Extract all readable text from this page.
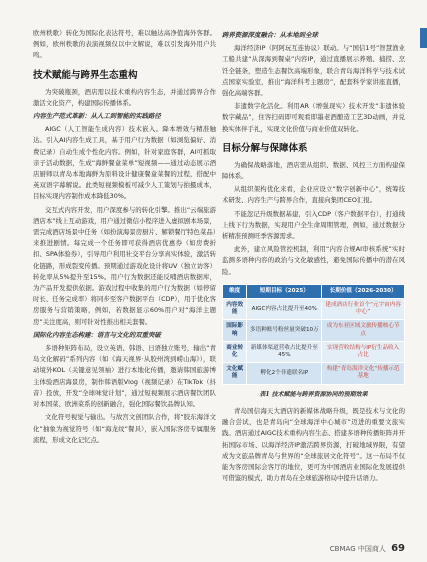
欧州秩歌）转化为国际化表达符号，难以触达高净值海外客群。例如，欧州秩歌的表演视频仅以中文解说，难以引发海外用户共鸣。

技术赋能与跨界生态重构

为突破瓶颈，酒店需以技术重构内容生态，并通过跨界合作激活文化资产，构建国际传播体系。

内容生产范式革新：从人工到智能的实践路径

AIGC（人工智能生成内容）技术嵌入。降本增效与精准触达。引入AI内容生成工具，基于用户行为数据（如浏览偏好、消费记录）自动生成个性化内容。例如，针对家庭客群，AI可抓取亲子活动数据，生成“海鲜餐盒菜单”短视频——通过动态展示酒店厨师以青岛本地海鲜为原料设计健康餐盒菜餐的过程，搭配中英双语字幕解说。此类短视频模板可减少人工策划与拍摄成本，目标实现内容制作成本降低30%。

交互式内容开发，用户深度参与的转化引擎。推出“云端旅游酒店本”线上互动游戏，用户通过微信小程序进入虚拟剧本场景，需完成酒店场景中任务（如扮演海景房厨片、解锁餐厅特色菜品）来推进剧情。每完成一个任务即可获得酒店优惠券（如房费折扣、SPA体验券），引导用户利用社交平台分享真实体验，激活转化链路，形成裂变传播。预期通过游戏化设计将UV（独立访客）转化率从5%提升至15%。用户行为数据还能反哺酒店数据库，为产品开发提供依据。游戏过程中收集的用户行为数据（如停留时长、任务完成率）将同步至客户数据平台（CDP），用于优化客房服务与营销策略，例如，若数据显示60%用户对“海洋主题房”关注度高，则可针对性推出相关套餐。

国际化内容生态构建：语言与文化的双重突破

多语种矩阵布局，设立英语、韩语、日语独立账号，输出“青岛文化解码”系列内容（如《海天视界·从胶州湾到崂山海》），联动境外KOL（关键意见领袖）进行本地化传播，邀请韩国旅游博主体验酒店海景房，制作韩语版Vlog（视频记录）在TikTok（抖音）投放，开发“全球味觉计划”，通过短视频展示酒店餐饮团队对本国菜、欧洲菜系的创新融合，强化国际餐饮品牌认知。

文化符号视觉与输出。与故宫文创团队合作，将“胶东海洋文化”抽象为视觉符号（如“海龙纹”餐具），嵌入国际客房专属服务流程，形成文化记忆点。

跨界资源深度融合：从本地到全球

海洋经济IP（阿阿玩互连协议）联动。与“国信1号”智慧渔业工船共建“从深海到餐桌”内容IP，通过直播展示养殖、捕捞、烹饪全链条，塑造生态餐饮高端形象，联合青岛海洋科学与技术试点国家实验室，推出“海洋科考主题房”，配套科学家讲座直播，强化高端客群。

非遗数字化活化。利用AR（增强现实）技术开发“非遗体验数字藏品”，住客扫码即可观看即墨老酒酿造工艺3D动画，并兑换实体伴手礼，实现文化价值与商业价值双转化。

目标分解与保障体系

为确保战略落地，酒店需从组织、数据、风控三方面构建保障体系。

从组织架构优化来看，企业应设立“数字创新中心”，统筹技术研发、内容生产与跨界合作，直接向集团CEO汇报。

不能忽记升级数据基建，引入CDP（客户数据平台），打通线上线下行为数据，实现用户全生命周期管理，例如，通过数据分析精准预测旺季客源需求。

此外，建立风险管控机制，利用“内容合规AI审核系统”实时监测多语种内容的政治与文化敏感性，避免国际传播中的潜在风险。

维度	短期目标（2025）	长期价值（2026-2030）
内容效能	AIGC内容占比提升至40%	建成酒店行业首个“元宇宙内容中心”
国际影响	多语种账号粉丝量突破10万	成为东亚区域文旅传播核心节点
商业转化	新媒体渠道营收占比提升至45%	实现营收结构与IP衍生品收入占比
文化赋能	孵化2个非遗联名IP	构建“青岛海洋文化”传播示范基地
表1 技术赋能与跨界资源协同的预期效果

青岛国信海天大酒店的新媒体战略升级，既是技术与文化的融合尝试，也是青岛向“全球海洋中心城市”迈进的重要文旅实践。酒店通过AIGC技术重构内容生态、搭建多语种传播矩阵并开拓国际市场、以海洋经济IP激活跨界资源，打破地域界限，有望成为文旅品牌青岛与世界的“全球旅居文化符号”。这一布局不仅能为客房国际会客厅的地位，更可为中国酒店业国际化发展提供可借鉴的模式，助力青岛在全球旅游格局中提升话语力。

CBMAG 中国商人 69
